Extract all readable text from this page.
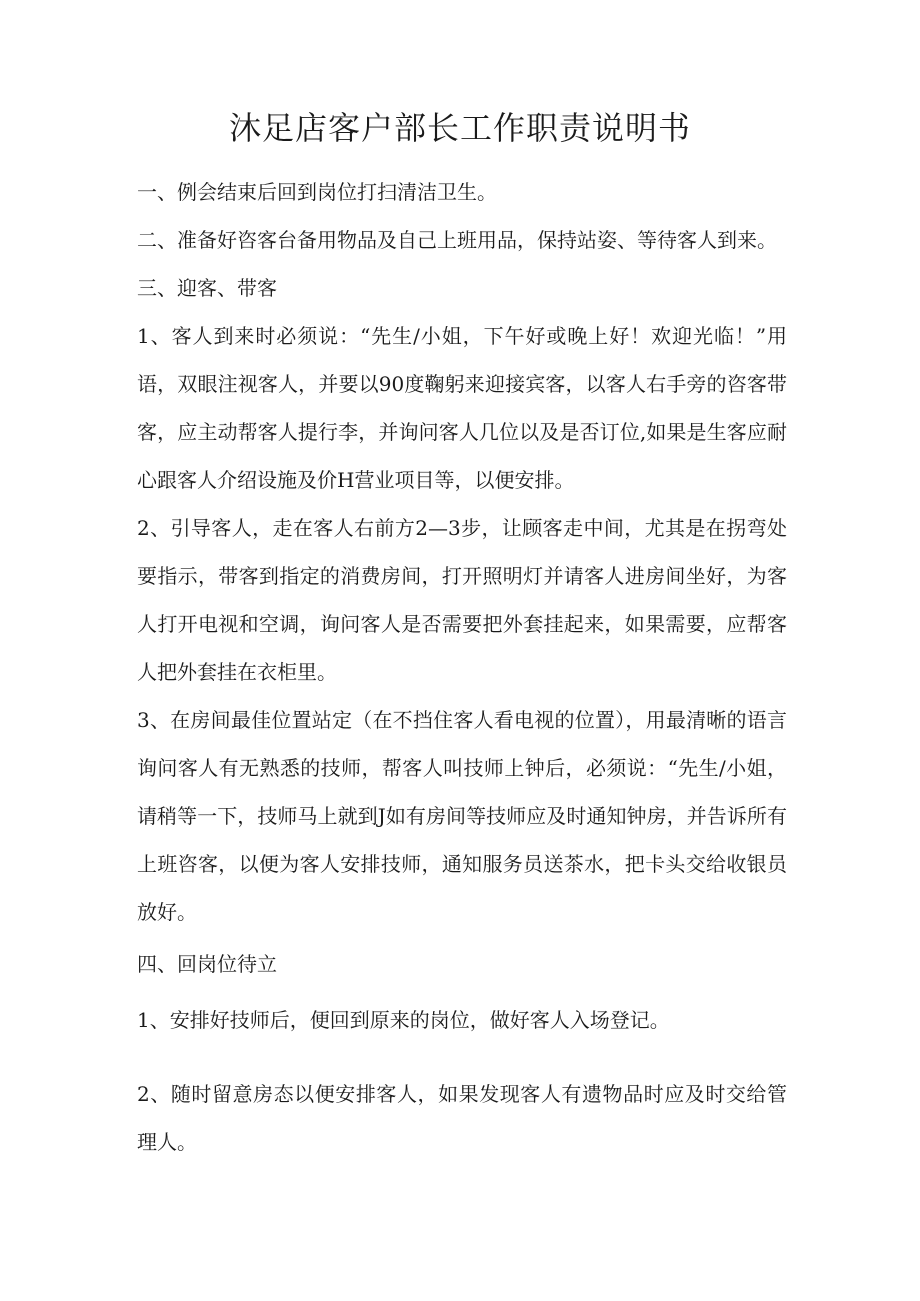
沐足店客户部长工作职责说明书

一、例会结束后回到岗位打扫清洁卫生。

二、准备好咨客台备用物品及自己上班用品，保持站姿、等待客人到来。

三、迎客、带客

1、客人到来时必须说：“先生/小姐，下午好或晚上好！欢迎光临！”用语，双眼注视客人，并要以90度鞠躬来迎接宾客，以客人右手旁的咨客带客，应主动帮客人提行李，并询问客人几位以及是否订位,如果是生客应耐心跟客人介绍设施及价H营业项目等，以便安排。

2、引导客人，走在客人右前方2—3步，让顾客走中间，尤其是在拐弯处要指示，带客到指定的消费房间，打开照明灯并请客人进房间坐好，为客人打开电视和空调，询问客人是否需要把外套挂起来，如果需要，应帮客人把外套挂在衣柜里。

3、在房间最佳位置站定（在不挡住客人看电视的位置），用最清晰的语言询问客人有无熟悉的技师，帮客人叫技师上钟后，必须说：“先生/小姐，请稍等一下，技师马上就到J如有房间等技师应及时通知钟房，并告诉所有上班咨客，以便为客人安排技师，通知服务员送茶水，把卡头交给收银员放好。

四、回岗位待立

1、安排好技师后，便回到原来的岗位，做好客人入场登记。

2、随时留意房态以便安排客人，如果发现客人有遗物品时应及时交给管理人。
